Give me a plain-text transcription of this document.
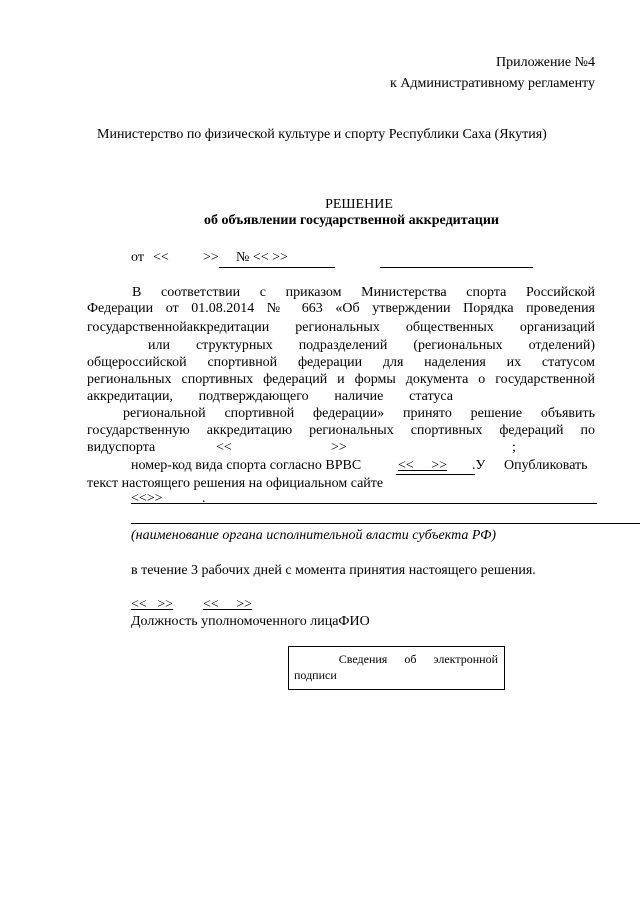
Приложение №4
к Административному регламенту
Министерство по физической культуре и спорту Республики Саха (Якутия)
РЕШЕНИЕ
об объявлении государственной аккредитации
от << >> № << >>
В соответствии с приказом Министерства спорта Российской
Федерации от 01.08.2014 № 663 «Об утверждении Порядка проведения
государственнойаккредитации региональных общественных организаций
или структурных подразделений (региональных отделений)
общероссийской спортивной федерации для наделения их статусом
региональных спортивных федераций и формы документа о государственной
аккредитации, подтверждающего наличие статуса
региональной спортивной федерации» принято решение объявить
государственную аккредитацию региональных спортивных федераций по
видуспорта	<<	>>	;
номер-код вида спорта согласно ВРВС	<<     >> .У Опубликовать
текст настоящего решения на официальном сайте
<<>>	.
(наименование органа исполнительной власти субъекта РФ)
в течение 3 рабочих дней с момента принятия настоящего решения.
<<   >> <<     >>
Должность уполномоченного лицаФИО
Сведения об электронной
подписи
